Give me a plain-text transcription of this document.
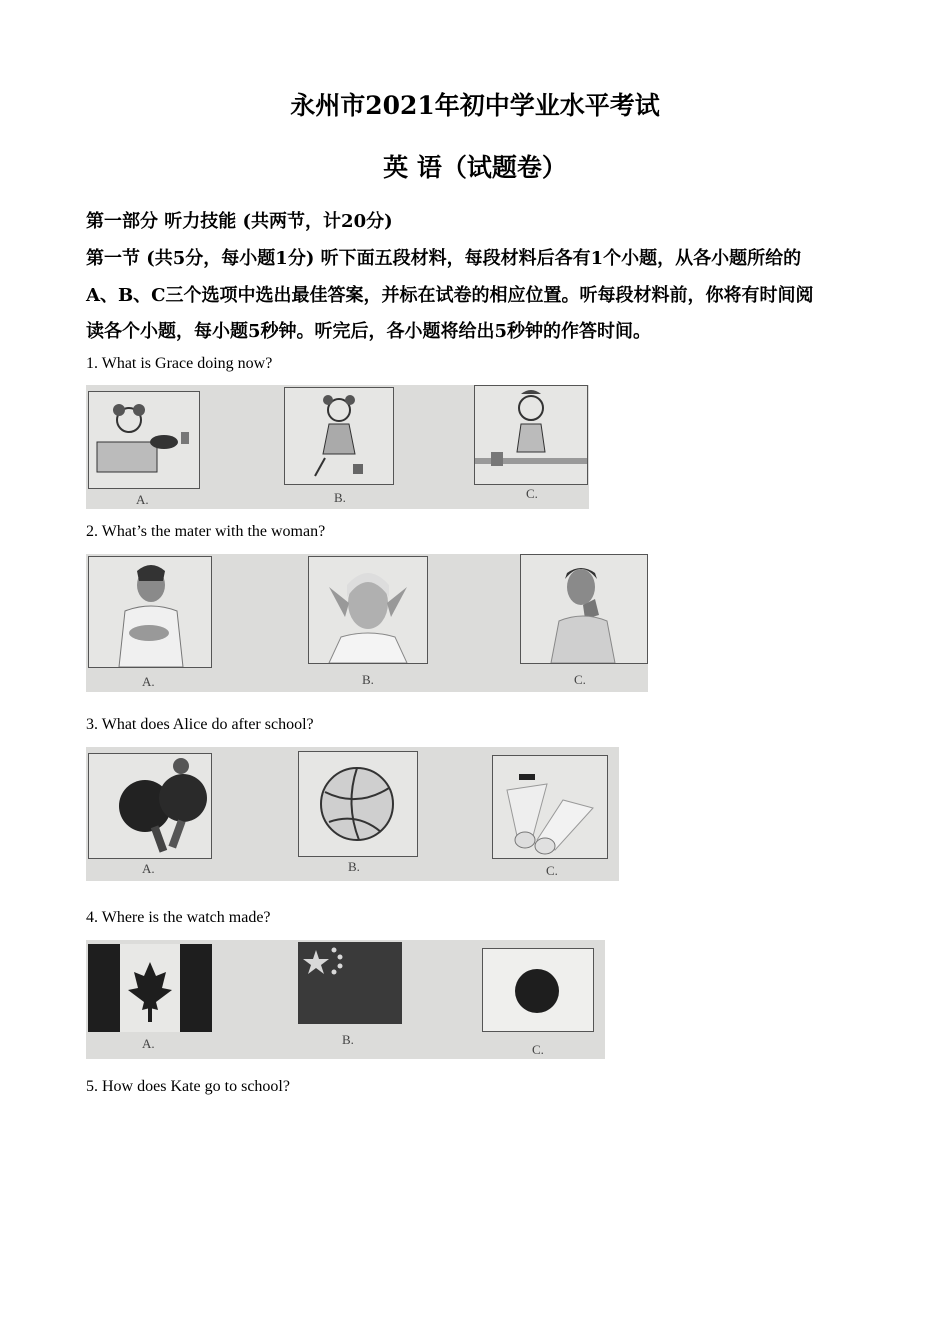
永州市2021年初中学业水平考试
英 语（试题卷）
第一部分 听力技能 (共两节，计20分)
第一节 (共5分，每小题1分) 听下面五段材料，每段材料后各有1个小题，从各小题所给的
A、B、C三个选项中选出最佳答案，并标在试卷的相应位置。听每段材料前，你将有时间阅
读各个小题，每小题5秒钟。听完后，各小题将给出5秒钟的作答时间。
1. What is Grace doing now?
A.	B.	C.
2. What’s the mater with the woman?
A.	B.	C.
3. What does Alice do after school?
A.	B.	C.
4. Where is the watch made?
A.	B.
C.
5. How does Kate go to school?
